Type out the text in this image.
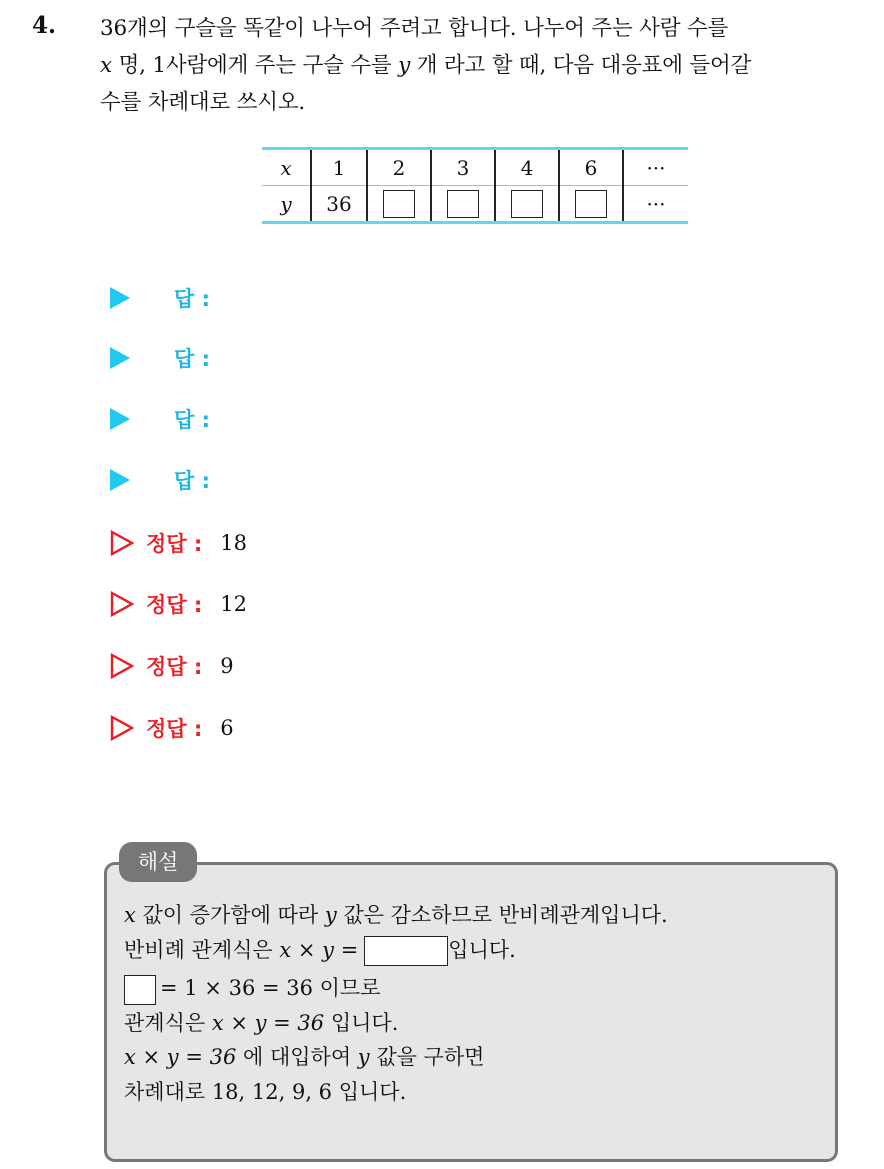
4. 36개의 구슬을 똑같이 나누어 주려고 합니다. 나누어 주는 사람 수를
x 명, 1사람에게 주는 구슬 수를 y 개 라고 할 때, 다음 대응표에 들어갈
수를 차례대로 쓰시오.
x	1	2	3	4	6	···
y	36					···
답 :
답 :
답 :
답 :
정답 : 18
정답 : 12
정답 : 9
정답 : 6
해설
x 값이 증가함에 따라 y 값은 감소하므로 반비례관계입니다.
반비례 관계식은 x × y =	입니다.
= 1 × 36 = 36 이므로
관계식은 x × y = 36 입니다.
x × y = 36 에 대입하여 y 값을 구하면
차례대로 18, 12, 9, 6 입니다.
